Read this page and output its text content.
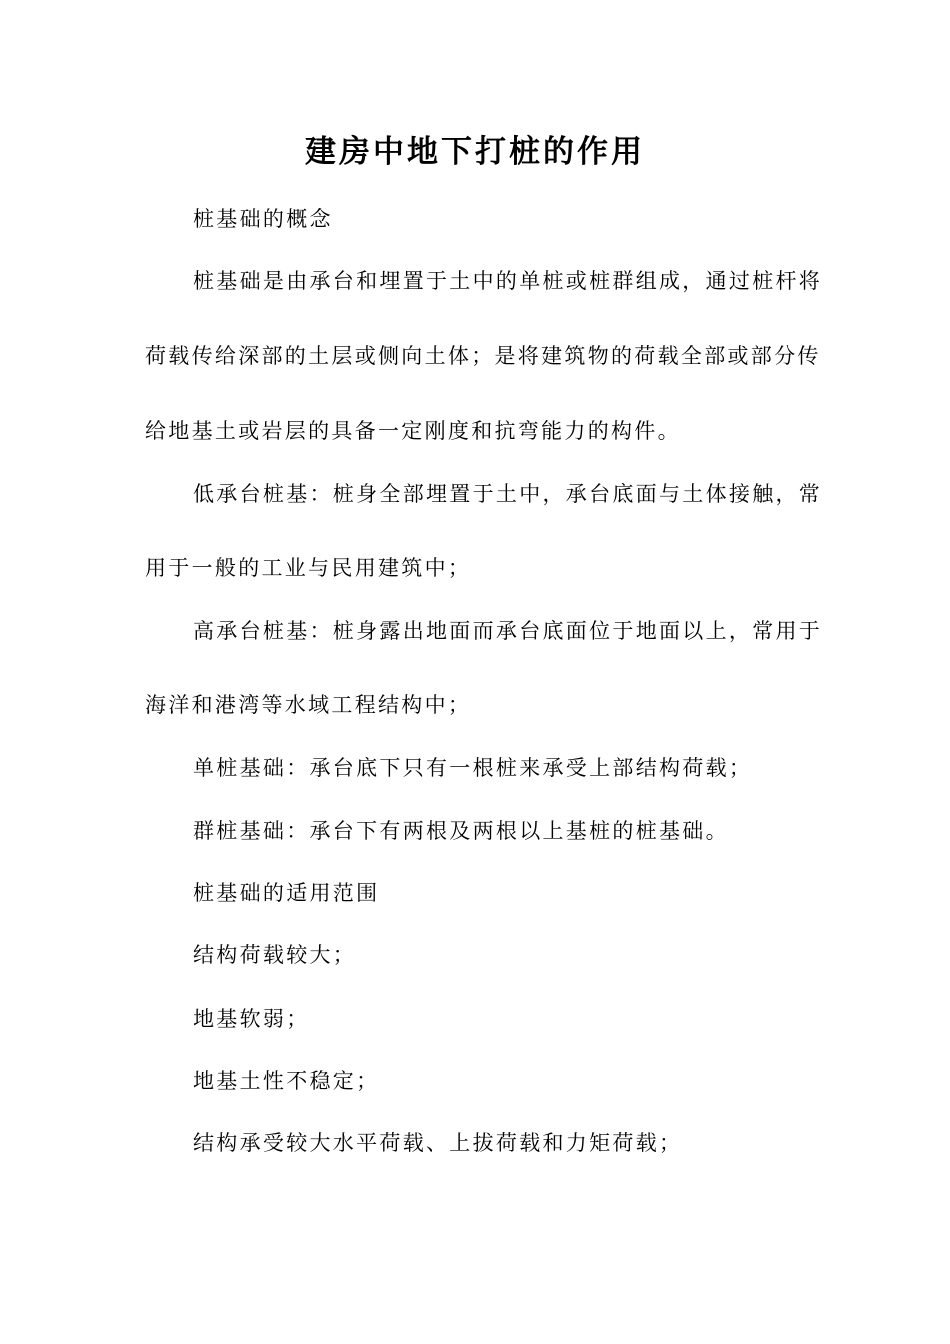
建房中地下打桩的作用
桩基础的概念
桩基础是由承台和埋置于土中的单桩或桩群组成，通过桩杆将
荷载传给深部的土层或侧向土体；是将建筑物的荷载全部或部分传
给地基土或岩层的具备一定刚度和抗弯能力的构件。
低承台桩基：桩身全部埋置于土中，承台底面与土体接触，常
用于一般的工业与民用建筑中；
高承台桩基：桩身露出地面而承台底面位于地面以上，常用于
海洋和港湾等水域工程结构中；
单桩基础：承台底下只有一根桩来承受上部结构荷载；
群桩基础：承台下有两根及两根以上基桩的桩基础。
桩基础的适用范围
结构荷载较大；
地基软弱；
地基土性不稳定；
结构承受较大水平荷载、上拔荷载和力矩荷载；
